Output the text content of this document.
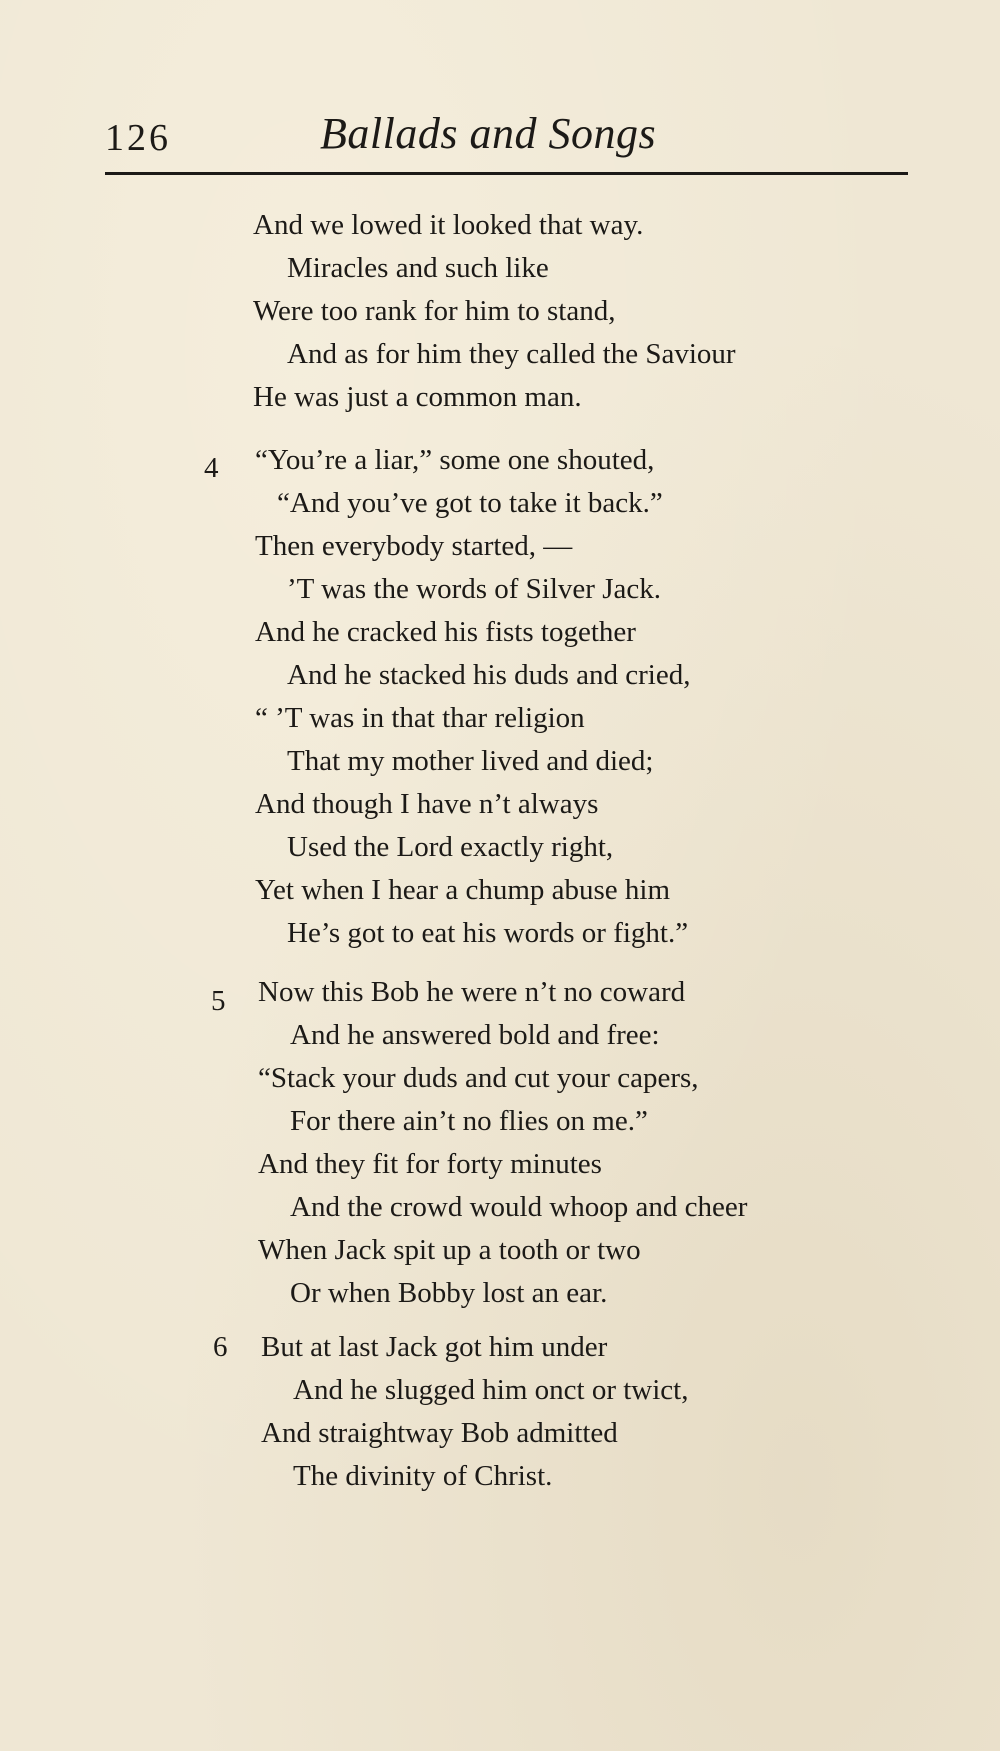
126	Ballads and Songs
And we lowed it looked that way.
Miracles and such like
Were too rank for him to stand,
And as for him they called the Saviour
He was just a common man.
4 “You’re a liar,” some one shouted,
“And you’ve got to take it back.”
Then everybody started, —
’T was the words of Silver Jack.
And he cracked his fists together
And he stacked his duds and cried,
“ ’T was in that thar religion
That my mother lived and died;
And though I have n’t always
Used the Lord exactly right,
Yet when I hear a chump abuse him
He’s got to eat his words or fight.”
5 Now this Bob he were n’t no coward
And he answered bold and free:
“Stack your duds and cut your capers,
For there ain’t no flies on me.”
And they fit for forty minutes
And the crowd would whoop and cheer
When Jack spit up a tooth or two
Or when Bobby lost an ear.
6 But at last Jack got him under
And he slugged him onct or twict,
And straightway Bob admitted
The divinity of Christ.
